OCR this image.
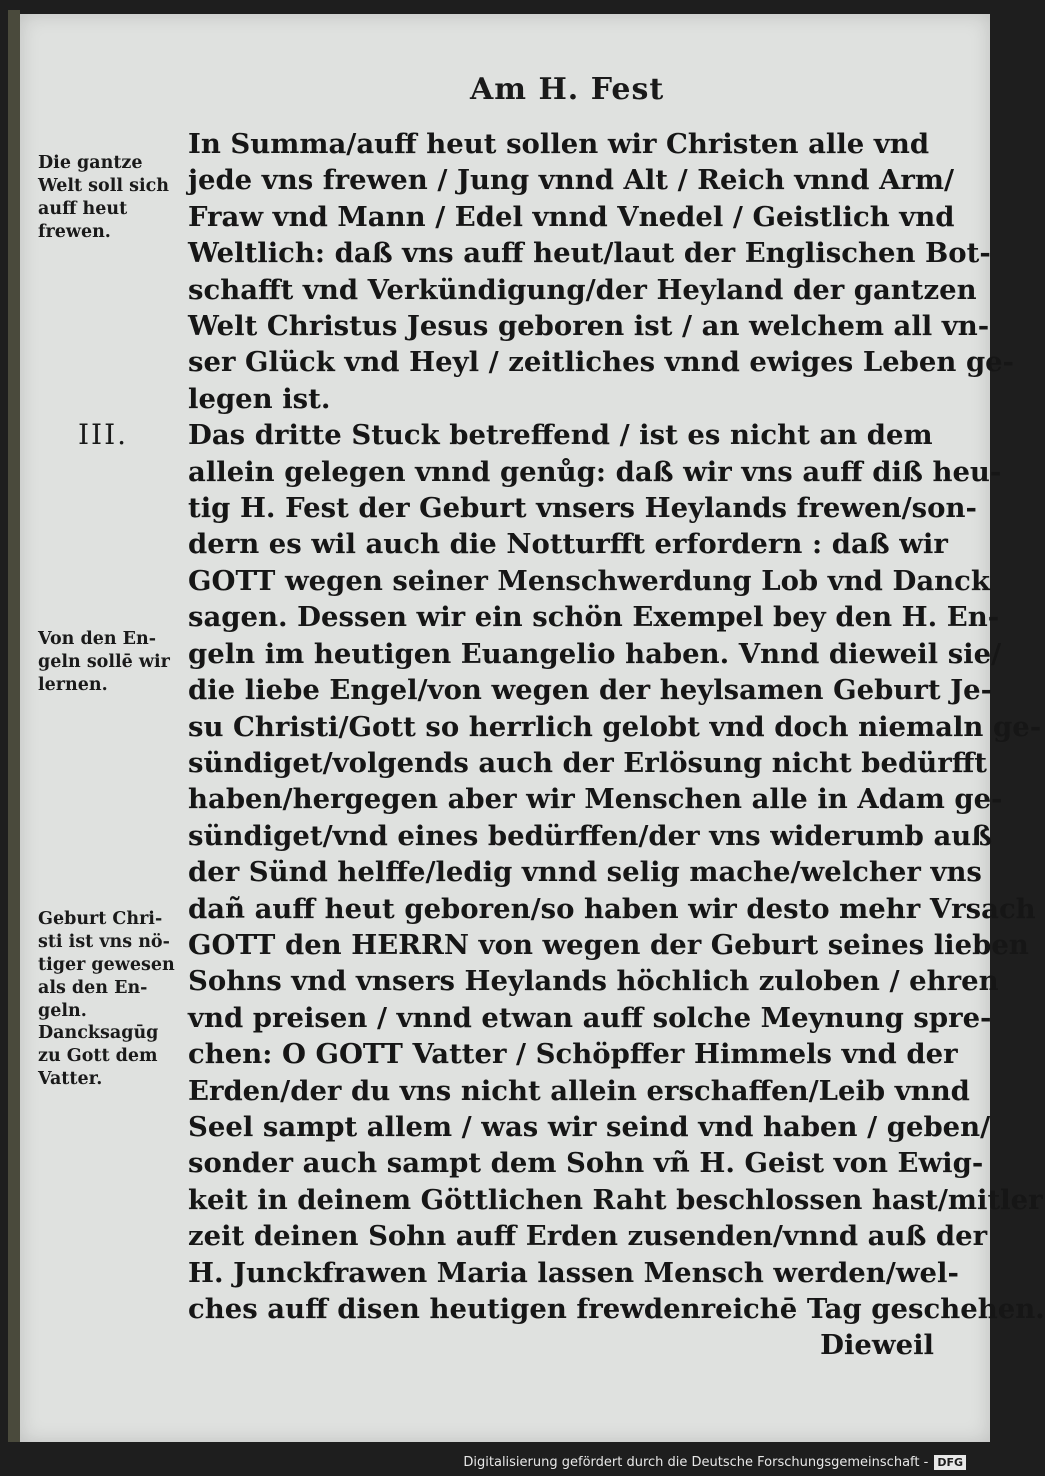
Am H. Fest
Die gantze
Welt soll sich
auff heut
frewen.
III.
Von den En-
geln sollē wir
lernen.
Geburt Chri-
sti ist vns nö-
tiger gewesen
als den En-
geln.
Dancksagūg
zu Gott dem
Vatter.
In Summa/auff heut sollen wir Christen alle vnd
jede vns frewen / Jung vnnd Alt / Reich vnnd Arm/
Fraw vnd Mann / Edel vnnd Vnedel / Geistlich vnd
Weltlich: daß vns auff heut/laut der Englischen Bot-
schafft vnd Verkündigung/der Heyland der gantzen
Welt Christus Jesus geboren ist / an welchem all vn-
ser Glück vnd Heyl / zeitliches vnnd ewiges Leben ge-
legen ist.
Das dritte Stuck betreffend / ist es nicht an dem
allein gelegen vnnd genůg: daß wir vns auff diß heu-
tig H. Fest der Geburt vnsers Heylands frewen/son-
dern es wil auch die Notturfft erfordern : daß wir
GOTT wegen seiner Menschwerdung Lob vnd Danck
sagen. Dessen wir ein schön Exempel bey den H. En-
geln im heutigen Euangelio haben. Vnnd dieweil sie/
die liebe Engel/von wegen der heylsamen Geburt Je-
su Christi/Gott so herrlich gelobt vnd doch niemaln ge-
sündiget/volgends auch der Erlösung nicht bedürfft
haben/hergegen aber wir Menschen alle in Adam ge-
sündiget/vnd eines bedürffen/der vns widerumb auß
der Sünd helffe/ledig vnnd selig mache/welcher vns
dañ auff heut geboren/so haben wir desto mehr Vrsach
GOTT den HERRN von wegen der Geburt seines lieben
Sohns vnd vnsers Heylands höchlich zuloben / ehren
vnd preisen / vnnd etwan auff solche Meynung spre-
chen: O GOTT Vatter / Schöpffer Himmels vnd der
Erden/der du vns nicht allein erschaffen/Leib vnnd
Seel sampt allem / was wir seind vnd haben / geben/
sonder auch sampt dem Sohn vñ H. Geist von Ewig-
keit in deinem Göttlichen Raht beschlossen hast/mitler
zeit deinen Sohn auff Erden zusenden/vnnd auß der
H. Junckfrawen Maria lassen Mensch werden/wel-
ches auff disen heutigen frewdenreichē Tag geschehen.
Dieweil
Digitalisierung gefördert durch die Deutsche Forschungsgemeinschaft - DFG
